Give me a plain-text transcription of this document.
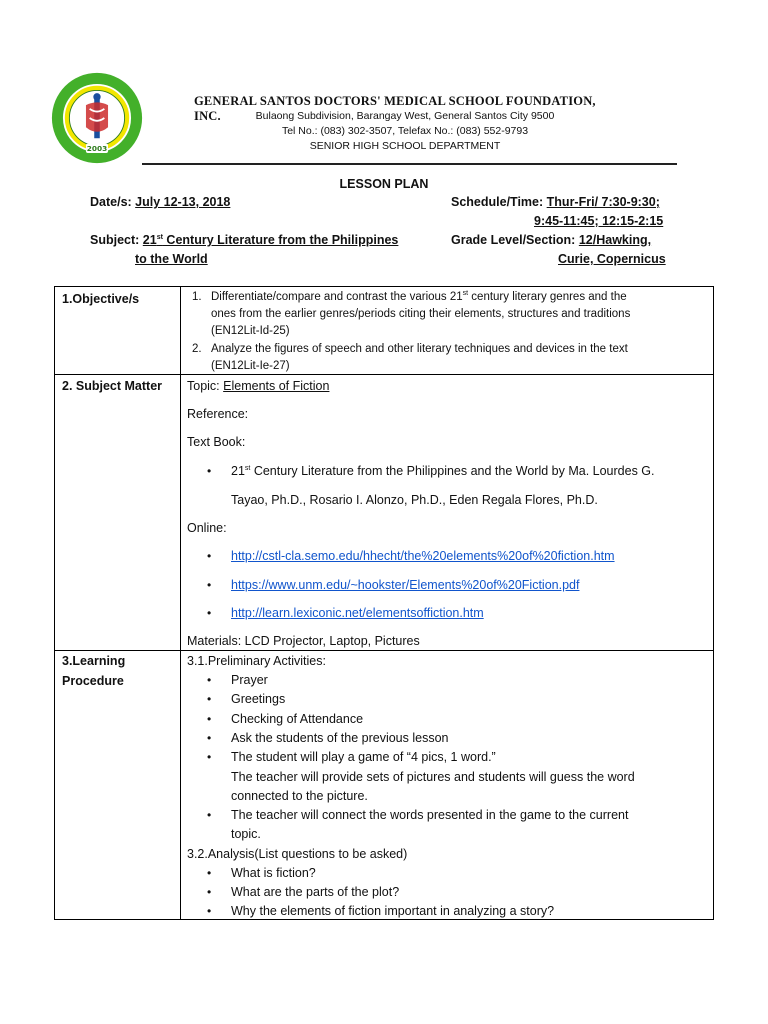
2003
GENERAL SANTOS DOCTORS' MEDICAL SCHOOL FOUNDATION, INC.	Bulaong Subdivision, Barangay West, General Santos City 9500
Tel No.: (083) 302-3507, Telefax No.: (083) 552-9793
SENIOR HIGH SCHOOL DEPARTMENT
LESSON PLAN
Date/s: July 12-13, 2018	Schedule/Time: Thur-Fri/ 7:30-9:30;
9:45-11:45; 12:15-2:15
Subject: 21st Century Literature from the Philippines
to the World
Grade Level/Section: 12/Hawking,
Curie, Copernicus
1.Objective/s	1. Differentiate/compare and contrast the various 21st century literary genres and the
ones from the earlier genres/periods citing their elements, structures and traditions
(EN12Lit-Id-25)
2. Analyze the figures of speech and other literary techniques and devices in the text
(EN12Lit-Ie-27)
2. Subject Matter Topic: Elements of Fiction
Reference:
Text Book:
• 21st Century Literature from the Philippines and the World by Ma. Lourdes G.
Tayao, Ph.D., Rosario I. Alonzo, Ph.D., Eden Regala Flores, Ph.D.
Online:
• http://cstl-cla.semo.edu/hhecht/the%20elements%20of%20fiction.htm
• https://www.unm.edu/~hookster/Elements%20of%20Fiction.pdf
• http://learn.lexiconic.net/elementsoffiction.htm
Materials: LCD Projector, Laptop, Pictures
3.Learning
Procedure
3.1.Preliminary Activities:
• Prayer
• Greetings
• Checking of Attendance
• Ask the students of the previous lesson
• The student will play a game of “4 pics, 1 word.”
The teacher will provide sets of pictures and students will guess the word
connected to the picture.
• The teacher will connect the words presented in the game to the current
topic.
3.2.Analysis(List questions to be asked)
• What is fiction?
• What are the parts of the plot?
• Why the elements of fiction important in analyzing a story?
